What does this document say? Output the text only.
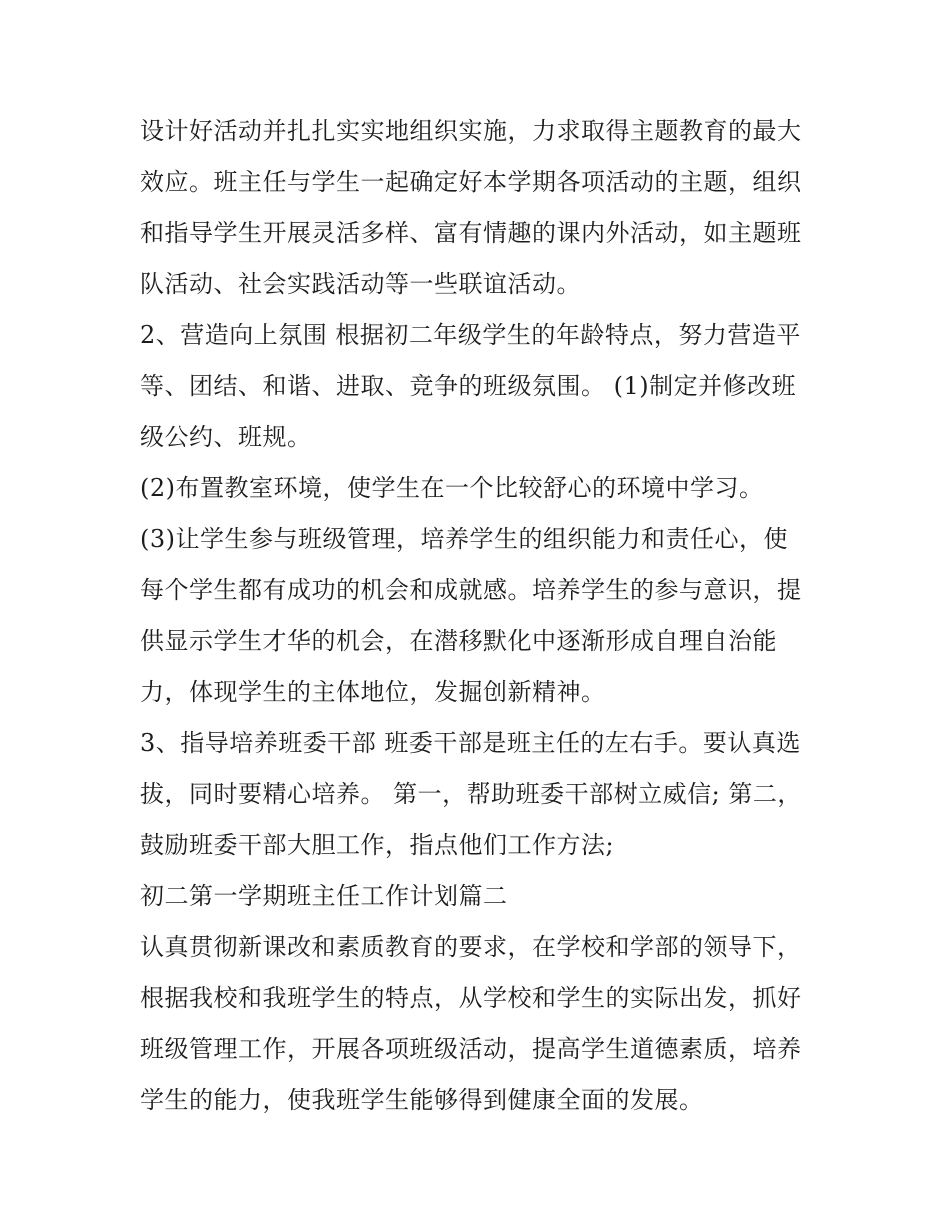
设计好活动并扎扎实实地组织实施，力求取得主题教育的最大
效应。班主任与学生一起确定好本学期各项活动的主题，组织
和指导学生开展灵活多样、富有情趣的课内外活动，如主题班
队活动、社会实践活动等一些联谊活动。
2、营造向上氛围 根据初二年级学生的年龄特点，努力营造平
等、团结、和谐、进取、竞争的班级氛围。 (1)制定并修改班
级公约、班规。
(2)布置教室环境，使学生在一个比较舒心的环境中学习。
(3)让学生参与班级管理，培养学生的组织能力和责任心，使
每个学生都有成功的机会和成就感。培养学生的参与意识，提
供显示学生才华的机会，在潜移默化中逐渐形成自理自治能
力，体现学生的主体地位，发掘创新精神。
3、指导培养班委干部 班委干部是班主任的左右手。要认真选
拔，同时要精心培养。 第一，帮助班委干部树立威信; 第二，
鼓励班委干部大胆工作，指点他们工作方法;
初二第一学期班主任工作计划篇二
认真贯彻新课改和素质教育的要求，在学校和学部的领导下，
根据我校和我班学生的特点，从学校和学生的实际出发，抓好
班级管理工作，开展各项班级活动，提高学生道德素质，培养
学生的能力，使我班学生能够得到健康全面的发展。
